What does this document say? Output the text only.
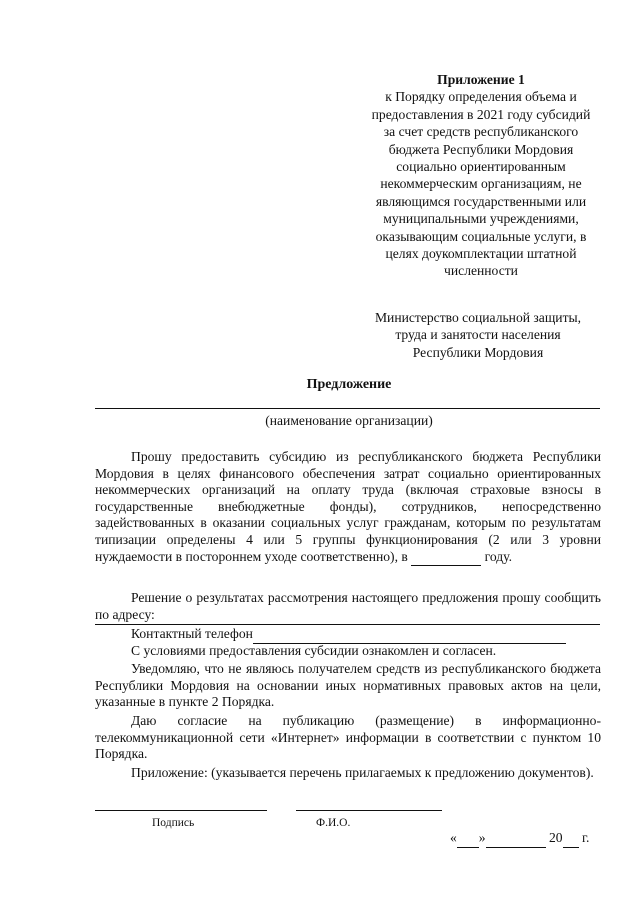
Приложение 1
к Порядку определения объема и
предоставления в 2021 году субсидий
за счет средств республиканского
бюджета Республики Мордовия
социально ориентированным
некоммерческим организациям, не
являющимся государственными или
муниципальными учреждениями,
оказывающим социальные услуги, в
целях доукомплектации штатной
численности
Министерство социальной защиты,
труда и занятости населения
Республики Мордовия
Предложение
(наименование организации)
Прошу предоставить субсидию из республиканского бюджета Республики Мордовия в целях финансового обеспечения затрат социально ориентированных некоммерческих организаций на оплату труда (включая страховые взносы в государственные внебюджетные фонды), сотрудников, непосредственно задействованных в оказании социальных услуг гражданам, которым по результатам типизации определены 4 или 5 группы функционирования (2 или 3 уровни нуждаемости в постороннем уходе соответственно), в	году.
Решение о результатах рассмотрения настоящего предложения прошу сообщить по адресу:
Контактный телефон
С условиями предоставления субсидии ознакомлен и согласен.
Уведомляю, что не являюсь получателем средств из республиканского бюджета Республики Мордовия на основании иных нормативных правовых актов на цели, указанные в пункте 2 Порядка.
Даю согласие на публикацию (размещение) в информационно-телекоммуникационной сети «Интернет» информации в соответствии с пунктом 10 Порядка.
Приложение: (указывается перечень прилагаемых к предложению документов).
Подпись	Ф.И.О.
« »	20 г.
